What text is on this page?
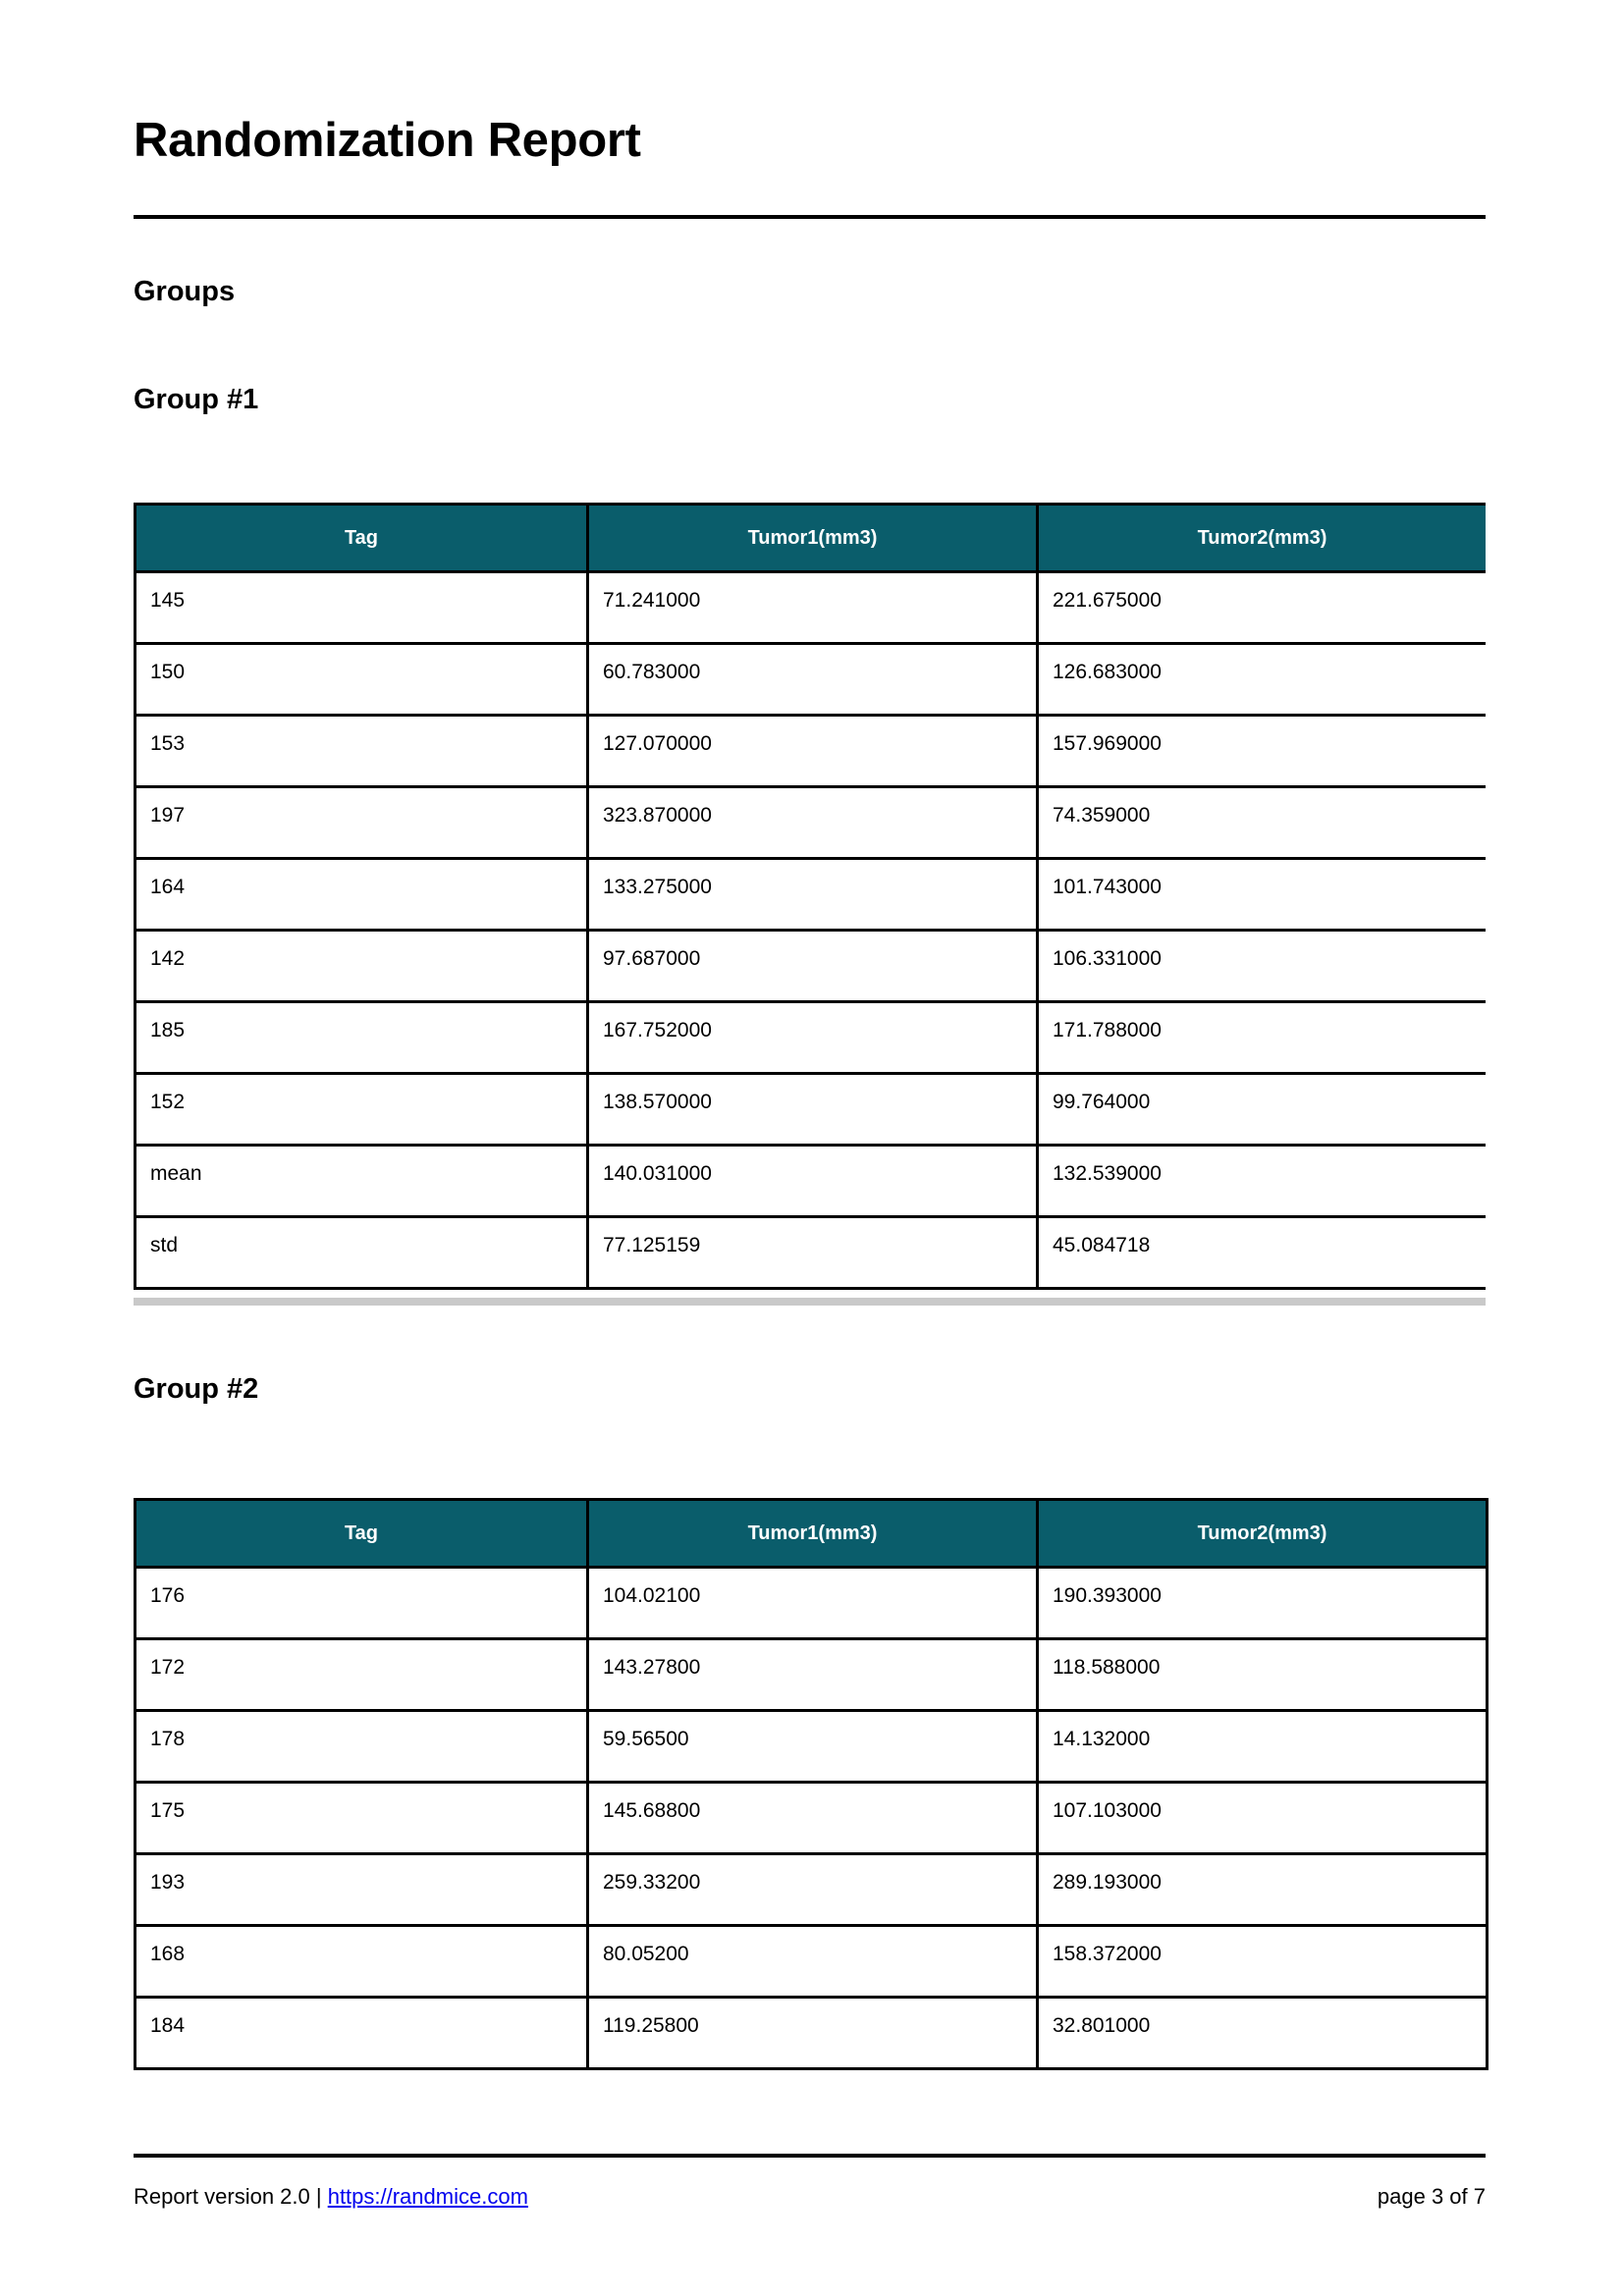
Randomization Report
Groups
Group #1
Tag	Tumor1(mm3)	Tumor2(mm3)
145	71.241000	221.675000
150	60.783000	126.683000
153	127.070000	157.969000
197	323.870000	74.359000
164	133.275000	101.743000
142	97.687000	106.331000
185	167.752000	171.788000
152	138.570000	99.764000
mean	140.031000	132.539000
std	77.125159	45.084718
Group #2
Tag	Tumor1(mm3)	Tumor2(mm3)
176	104.02100	190.393000
172	143.27800	118.588000
178	59.56500	14.132000
175	145.68800	107.103000
193	259.33200	289.193000
168	80.05200	158.372000
184	119.25800	32.801000
Report version 2.0 | https://randmice.com	page 3 of 7
